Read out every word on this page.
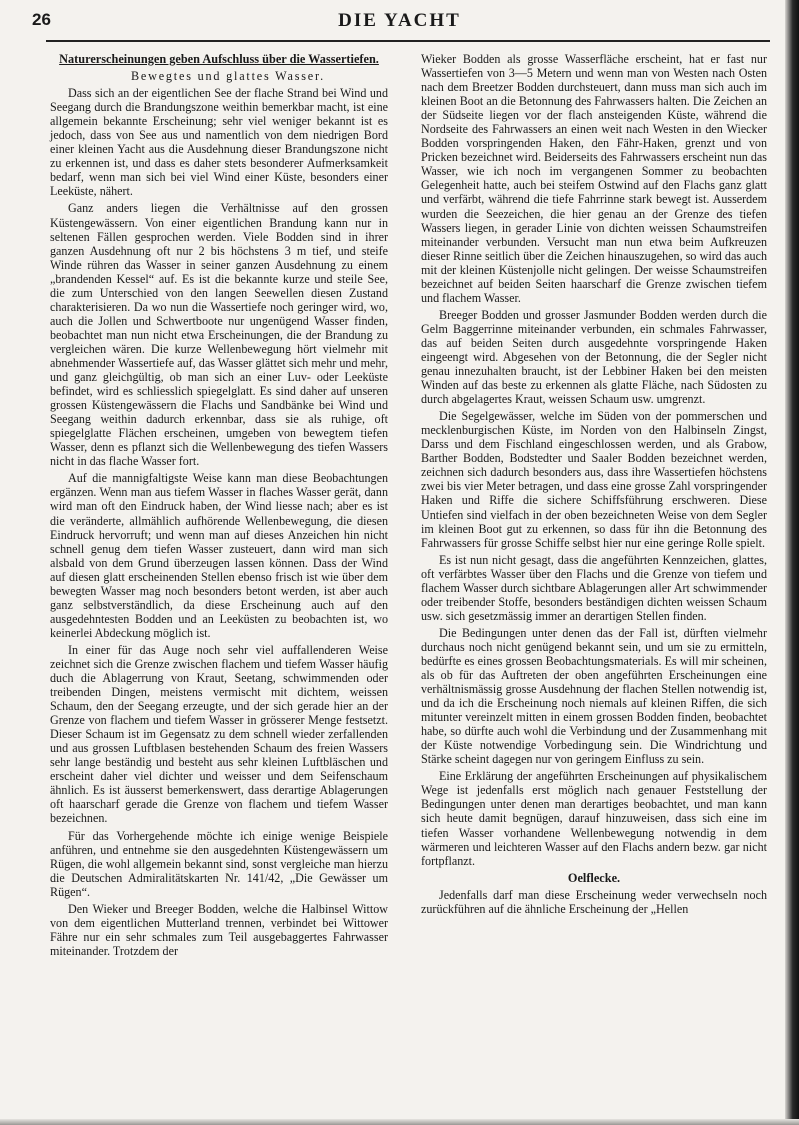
26	DIE YACHT

Naturerscheinungen geben Aufschluss über die Wassertiefen.

Bewegtes und glattes Wasser.

Dass sich an der eigentlichen See der flache Strand bei Wind und Seegang durch die Brandungszone weithin bemerkbar macht, ist eine allgemein bekannte Erscheinung; sehr viel weniger bekannt ist es jedoch, dass von See aus und namentlich von dem niedrigen Bord einer kleinen Yacht aus die Ausdehnung dieser Brandungszone nicht zu erkennen ist, und dass es daher stets besonderer Aufmerksamkeit bedarf, wenn man sich bei viel Wind einer Küste, besonders einer Leeküste, nähert.

Ganz anders liegen die Verhältnisse auf den grossen Küstengewässern. Von einer eigentlichen Brandung kann nur in seltenen Fällen gesprochen werden. Viele Bodden sind in ihrer ganzen Ausdehnung oft nur 2 bis höchstens 3 m tief, und steife Winde rühren das Wasser in seiner ganzen Ausdehnung zu einem „brandenden Kessel“ auf. Es ist die bekannte kurze und steile See, die zum Unterschied von den langen Seewellen diesen Zustand charakterisieren. Da wo nun die Wassertiefe noch geringer wird, wo, auch die Jollen und Schwertboote nur ungenügend Wasser finden, beobachtet man nun nicht etwa Erscheinungen, die der Brandung zu vergleichen wären. Die kurze Wellenbewegung hört vielmehr mit abnehmender Wassertiefe auf, das Wasser glättet sich mehr und mehr, und ganz gleichgültig, ob man sich an einer Luv- oder Leeküste befindet, wird es schliesslich spiegelglatt. Es sind daher auf unseren grossen Küstengewässern die Flachs und Sandbänke bei Wind und Seegang weithin dadurch erkennbar, dass sie als ruhige, oft spiegelglatte Flächen erscheinen, umgeben von bewegtem tiefen Wasser, denn es pflanzt sich die Wellenbewegung des tiefen Wassers nicht in das flache Wasser fort.

Auf die mannigfaltigste Weise kann man diese Beobachtungen ergänzen. Wenn man aus tiefem Wasser in flaches Wasser gerät, dann wird man oft den Eindruck haben, der Wind liesse nach; aber es ist die veränderte, allmählich aufhörende Wellenbewegung, die diesen Eindruck hervorruft; und wenn man auf dieses Anzeichen hin nicht schnell genug dem tiefen Wasser zusteuert, dann wird man sich alsbald von dem Grund überzeugen lassen können. Dass der Wind auf diesen glatt erscheinenden Stellen ebenso frisch ist wie über dem bewegten Wasser mag noch besonders betont werden, ist aber auch ganz selbstverständlich, da diese Erscheinung auch auf den ausgedehntesten Bodden und an Leeküsten zu beobachten ist, wo keinerlei Abdeckung möglich ist.

In einer für das Auge noch sehr viel auffallenderen Weise zeichnet sich die Grenze zwischen flachem und tiefem Wasser häufig duch die Ablagerrung von Kraut, Seetang, schwimmenden oder treibenden Dingen, meistens vermischt mit dichtem, weissen Schaum, den der Seegang erzeugte, und der sich gerade hier an der Grenze von flachem und tiefem Wasser in grösserer Menge festsetzt. Dieser Schaum ist im Gegensatz zu dem schnell wieder zerfallenden und aus grossen Luftblasen bestehenden Schaum des freien Wassers sehr lange beständig und besteht aus sehr kleinen Luftbläschen und erscheint daher viel dichter und weisser und dem Seifenschaum ähnlich. Es ist äusserst bemerkenswert, dass derartige Ablagerungen oft haarscharf gerade die Grenze von flachem und tiefem Wasser bezeichnen.

Für das Vorhergehende möchte ich einige wenige Beispiele anführen, und entnehme sie den ausgedehnten Küstengewässern um Rügen, die wohl allgemein bekannt sind, sonst vergleiche man hierzu die Deutschen Admiralitätskarten Nr. 141/42, „Die Gewässer um Rügen“.

Den Wieker und Breeger Bodden, welche die Halbinsel Wittow von dem eigentlichen Mutterland trennen, verbindet bei Wittower Fähre nur ein sehr schmales zum Teil ausgebaggertes Fahrwasser miteinander. Trotzdem der

Wieker Bodden als grosse Wasserfläche erscheint, hat er fast nur Wassertiefen von 3—5 Metern und wenn man von Westen nach Osten nach dem Breetzer Bodden durchsteuert, dann muss man sich auch im kleinen Boot an die Betonnung des Fahrwassers halten. Die Zeichen an der Südseite liegen vor der flach ansteigenden Küste, während die Nordseite des Fahrwassers an einen weit nach Westen in den Wiecker Bodden vorspringenden Haken, den Fähr-Haken, grenzt und von Pricken bezeichnet wird. Beiderseits des Fahrwassers erscheint nun das Wasser, wie ich noch im vergangenen Sommer zu beobachten Gelegenheit hatte, auch bei steifem Ostwind auf den Flachs ganz glatt und verfärbt, während die tiefe Fahrrinne stark bewegt ist. Ausserdem wurden die Seezeichen, die hier genau an der Grenze des tiefen Wassers liegen, in gerader Linie von dichten weissen Schaumstreifen miteinander verbunden. Versucht man nun etwa beim Aufkreuzen dieser Rinne seitlich über die Zeichen hinauszugehen, so wird das auch mit der kleinen Küstenjolle nicht gelingen. Der weisse Schaumstreifen bezeichnet auf beiden Seiten haarscharf die Grenze zwischen tiefem und flachem Wasser.

Breeger Bodden und grosser Jasmunder Bodden werden durch die Gelm Baggerrinne miteinander verbunden, ein schmales Fahrwasser, das auf beiden Seiten durch ausgedehnte vorspringende Haken eingeengt wird. Abgesehen von der Betonnung, die der Segler nicht genau innezuhalten braucht, ist der Lebbiner Haken bei den meisten Winden auf das beste zu erkennen als glatte Fläche, nach Südosten zu durch abgelagertes Kraut, weissen Schaum usw. umgrenzt.

Die Segelgewässer, welche im Süden von der pommerschen und mecklenburgischen Küste, im Norden von den Halbinseln Zingst, Darss und dem Fischland eingeschlossen werden, und als Grabow, Barther Bodden, Bodstedter und Saaler Bodden bezeichnet werden, zeichnen sich dadurch besonders aus, dass ihre Wassertiefen höchstens zwei bis vier Meter betragen, und dass eine grosse Zahl vorspringender Haken und Riffe die sichere Schiffsführung erschweren. Diese Untiefen sind vielfach in der oben bezeichneten Weise von dem Segler im kleinen Boot gut zu erkennen, so dass für ihn die Betonnung des Fahrwassers für grosse Schiffe selbst hier nur eine geringe Rolle spielt.

Es ist nun nicht gesagt, dass die angeführten Kennzeichen, glattes, oft verfärbtes Wasser über den Flachs und die Grenze von tiefem und flachem Wasser durch sichtbare Ablagerungen aller Art schwimmender oder treibender Stoffe, besonders beständigen dichten weissen Schaum usw. sich gesetzmässig immer an derartigen Stellen finden.

Die Bedingungen unter denen das der Fall ist, dürften vielmehr durchaus noch nicht genügend bekannt sein, und um sie zu ermitteln, bedürfte es eines grossen Beobachtungsmaterials. Es will mir scheinen, als ob für das Auftreten der oben angeführten Erscheinungen eine verhältnismässig grosse Ausdehnung der flachen Stellen notwendig ist, und da ich die Erscheinung noch niemals auf kleinen Riffen, die sich mitunter vereinzelt mitten in einem grossen Bodden finden, beobachtet habe, so dürfte auch wohl die Verbindung und der Zusammenhang mit der Küste notwendige Vorbedingung sein. Die Windrichtung und Stärke scheint dagegen nur von geringem Einfluss zu sein.

Eine Erklärung der angeführten Erscheinungen auf physikalischem Wege ist jedenfalls erst möglich nach genauer Feststellung der Bedingungen unter denen man derartiges beobachtet, und man kann sich heute damit begnügen, darauf hinzuweisen, dass sich eine im tiefen Wasser vorhandene Wellenbewegung notwendig in dem wärmeren und leichteren Wasser auf den Flachs andern bezw. gar nicht fortpflanzt.

Oelflecke.

Jedenfalls darf man diese Erscheinung weder verwechseln noch zurückführen auf die ähnliche Erscheinung der „Hellen
